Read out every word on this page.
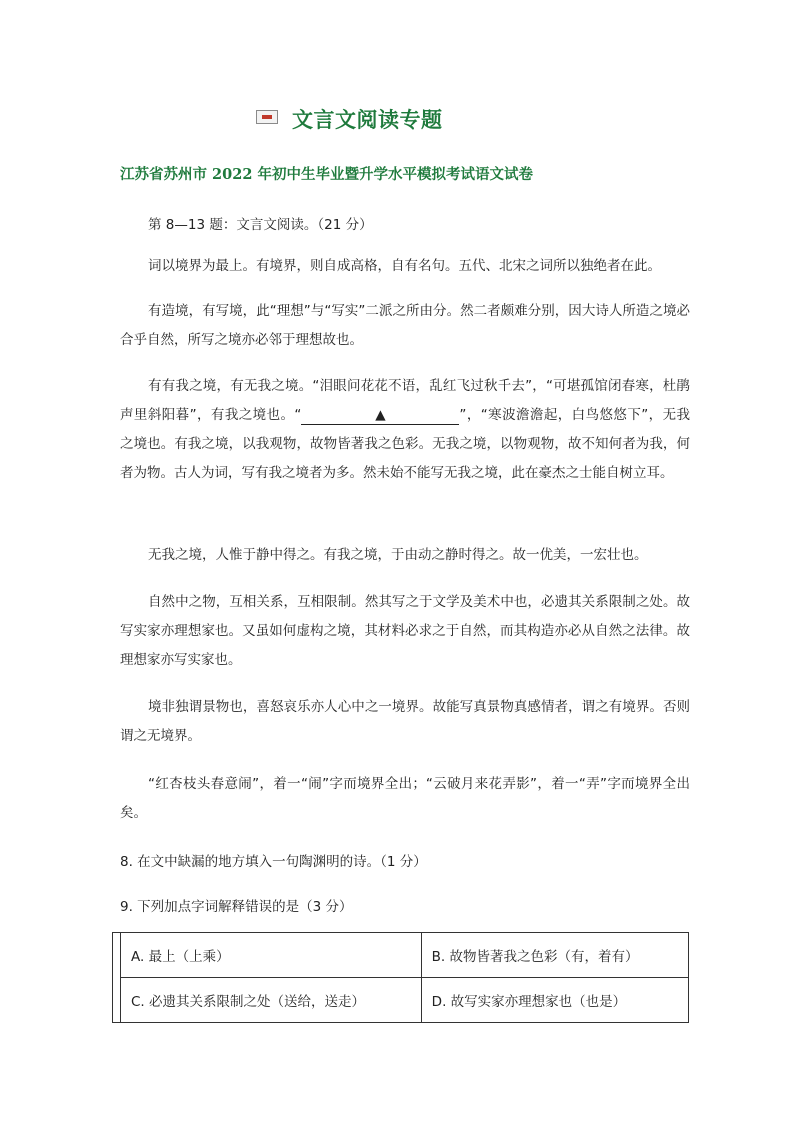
文言文阅读专题
江苏省苏州市 2022 年初中生毕业暨升学水平模拟考试语文试卷
第 8—13 题：文言文阅读。（21 分）
词以境界为最上。有境界，则自成高格，自有名句。五代、北宋之词所以独绝者在此。
有造境，有写境，此“理想”与“写实”二派之所由分。然二者颇难分别，因大诗人所造之境必合乎自然，所写之境亦必邻于理想故也。
有有我之境，有无我之境。“泪眼问花花不语，乱红飞过秋千去”，“可堪孤馆闭春寒，杜鹃声里斜阳暮”，有我之境也。“	▲	”，“寒波澹澹起，白鸟悠悠下”，无我之境也。有我之境，以我观物，故物皆著我之色彩。无我之境，以物观物，故不知何者为我，何者为物。古人为词，写有我之境者为多。然未始不能写无我之境，此在豪杰之士能自树立耳。
无我之境，人惟于静中得之。有我之境，于由动之静时得之。故一优美，一宏壮也。
自然中之物，互相关系，互相限制。然其写之于文学及美术中也，必遗其关系限制之处。故写实家亦理想家也。又虽如何虚构之境，其材料必求之于自然，而其构造亦必从自然之法律。故理想家亦写实家也。
境非独谓景物也，喜怒哀乐亦人心中之一境界。故能写真景物真感情者，谓之有境界。否则谓之无境界。
“红杏枝头春意闹”，着一“闹”字而境界全出；“云破月来花弄影”，着一“弄”字而境界全出矣。
8. 在文中缺漏的地方填入一句陶渊明的诗。（1 分）
9. 下列加点字词解释错误的是（3 分）
	A. 最上（上乘）	B. 故物皆著我之色彩（有，着有）
	C. 必遗其关系限制之处（送给，送走）	D. 故写实家亦理想家也（也是）
